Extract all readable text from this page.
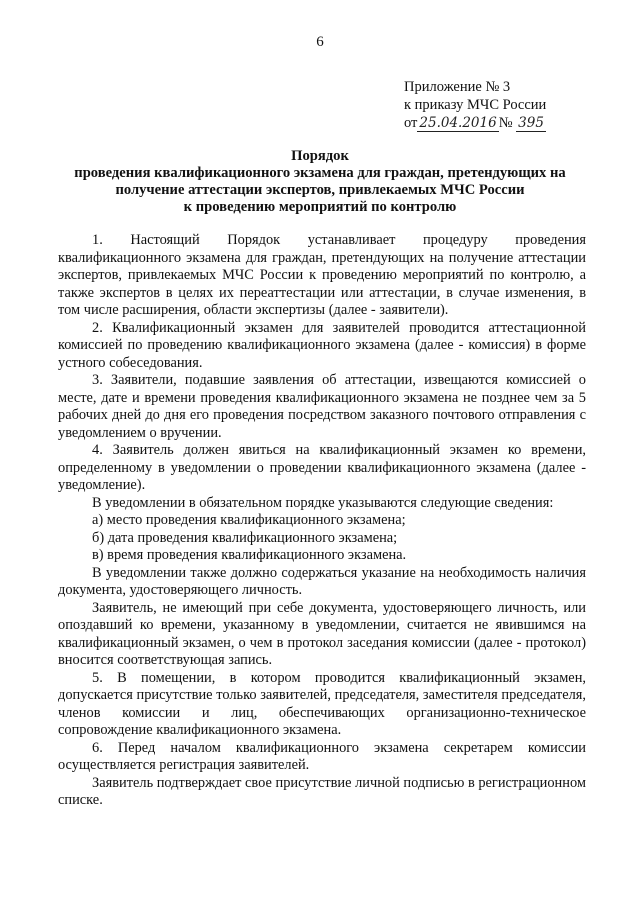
6
Приложение № 3
к приказу МЧС России
от 25.04.2016 № 395
Порядок
проведения квалификационного экзамена для граждан, претендующих на
получение аттестации экспертов, привлекаемых МЧС России
к проведению мероприятий по контролю

1. Настоящий Порядок устанавливает процедуру проведения квалификационного экзамена для граждан, претендующих на получение аттестации экспертов, привлекаемых МЧС России к проведению мероприятий по контролю, а также экспертов в целях их переаттестации или аттестации, в случае изменения, в том числе расширения, области экспертизы (далее - заявители).

2. Квалификационный экзамен для заявителей проводится аттестационной комиссией по проведению квалификационного экзамена (далее - комиссия) в форме устного собеседования.

3. Заявители, подавшие заявления об аттестации, извещаются комиссией о месте, дате и времени проведения квалификационного экзамена не позднее чем за 5 рабочих дней до дня его проведения посредством заказного почтового отправления с уведомлением о вручении.

4. Заявитель должен явиться на квалификационный экзамен ко времени, определенному в уведомлении о проведении квалификационного экзамена (далее - уведомление).

В уведомлении в обязательном порядке указываются следующие сведения:

а) место проведения квалификационного экзамена;

б) дата проведения квалификационного экзамена;

в) время проведения квалификационного экзамена.

В уведомлении также должно содержаться указание на необходимость наличия документа, удостоверяющего личность.

Заявитель, не имеющий при себе документа, удостоверяющего личность, или опоздавший ко времени, указанному в уведомлении, считается не явившимся на квалификационный экзамен, о чем в протокол заседания комиссии (далее - протокол) вносится соответствующая запись.

5. В помещении, в котором проводится квалификационный экзамен, допускается присутствие только заявителей, председателя, заместителя председателя, членов комиссии и лиц, обеспечивающих организационно-техническое сопровождение квалификационного экзамена.

6. Перед началом квалификационного экзамена секретарем комиссии осуществляется регистрация заявителей.

Заявитель подтверждает свое присутствие личной подписью в регистрационном списке.
